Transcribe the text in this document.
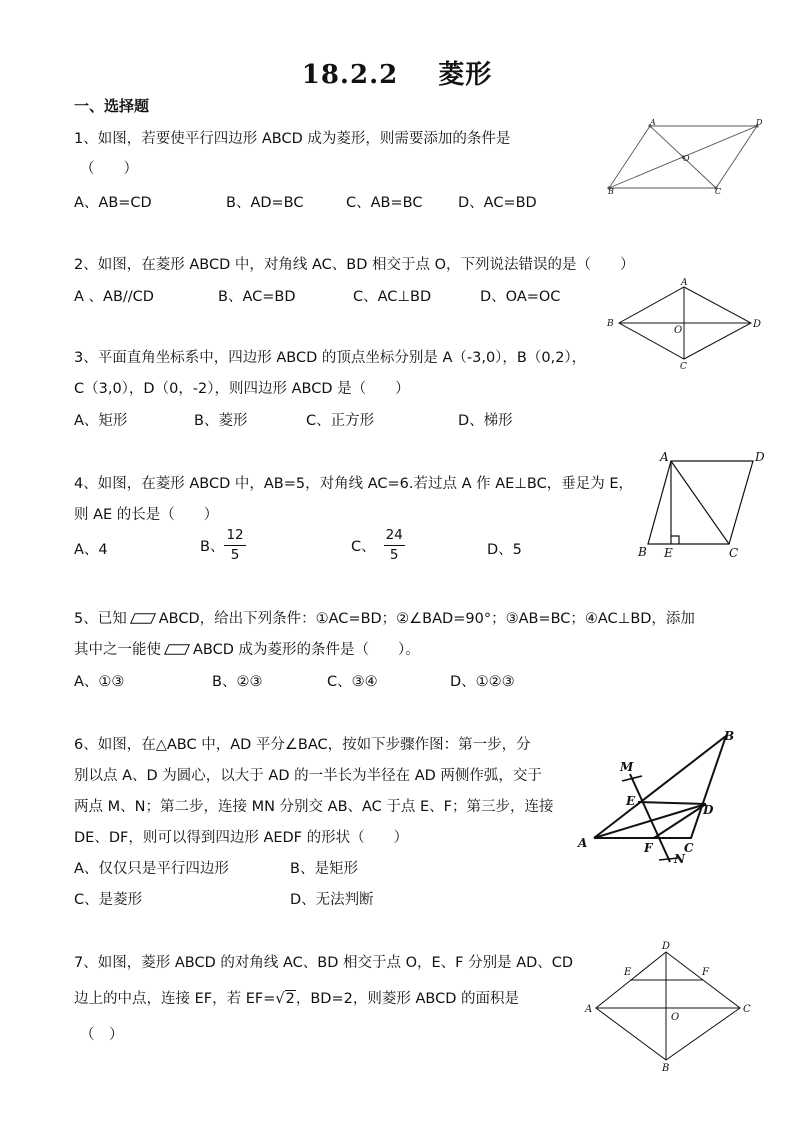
18.2.2 菱形
一、选择题
1、如图，若要使平行四边形 ABCD 成为菱形，则需要添加的条件是
（　　）
A、AB=CD	B、AD=BC	C、AB=BC D、AC=BD
A	D
C
B
O
2、如图，在菱形 ABCD 中，对角线 AC、BD 相交于点 O，下列说法错误的是（　　）
A 、AB//CD	B、AC=BD	C、AC⊥BD	D、OA=OC
A
B	D
C
O
3、平面直角坐标系中，四边形 ABCD 的顶点坐标分别是 A（-3,0），B（0,2），
C（3,0），D（0，-2），则四边形 ABCD 是（　　）
A、矩形	B、菱形	C、正方形	D、梯形
4、如图，在菱形 ABCD 中，AB=5，对角线 AC=6.若过点 A 作 AE⊥BC，垂足为 E，
则 AE 的长是（　　）
A、4	B、 $\frac{12}{5}$	C、 $\frac{24}{5}$	D、5
A	D
B E	C
5、已知 ABCD，给出下列条件：①AC=BD；②∠BAD=90°；③AB=BC；④AC⊥BD，添加
其中之一能使 ABCD 成为菱形的条件是（　　）。
A、①③	B、②③	C、③④	D、①②③
6、如图，在△ABC 中，AD 平分∠BAC，按如下步骤作图：第一步，分
别以点 A、D 为圆心，以大于 AD 的一半长为半径在 AD 两侧作弧，交于
两点 M、N；第二步，连接 MN 分别交 AB、AC 于点 E、F；第三步，连接
DE、DF，则可以得到四边形 AEDF 的形状（　　）
A、仅仅只是平行四边形	B、是矩形
C、是菱形	D、无法判断
A
B
C
D
E
F
M
N
7、如图，菱形 ABCD 的对角线 AC、BD 相交于点 O，E、F 分别是 AD、CD
边上的中点，连接 EF，若 EF=√2，BD=2，则菱形 ABCD 的面积是
（　）
D
E	F
A	C
O
B
